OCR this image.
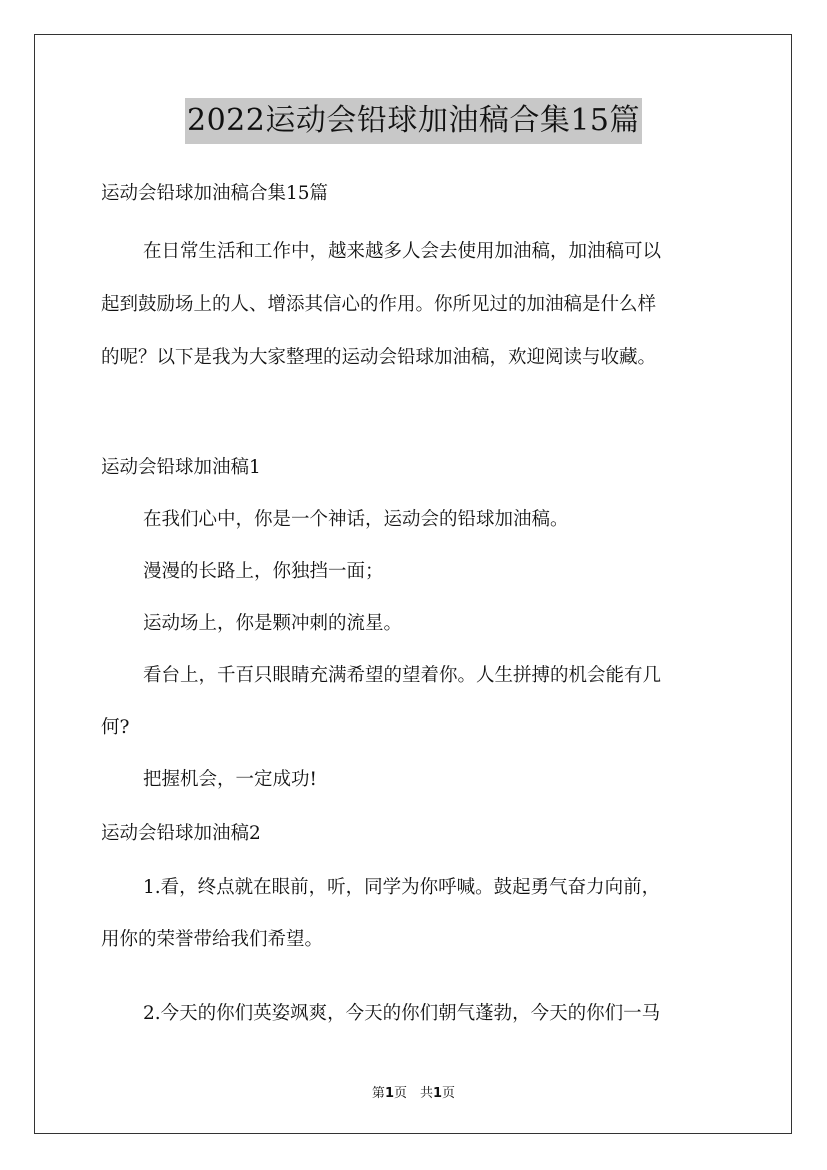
2022运动会铅球加油稿合集15篇
运动会铅球加油稿合集15篇
在日常生活和工作中，越来越多人会去使用加油稿，加油稿可以
起到鼓励场上的人、增添其信心的作用。你所见过的加油稿是什么样
的呢？以下是我为大家整理的运动会铅球加油稿，欢迎阅读与收藏。
运动会铅球加油稿1
在我们心中，你是一个神话，运动会的铅球加油稿。
漫漫的长路上，你独挡一面；
运动场上，你是颗冲刺的流星。
看台上，千百只眼睛充满希望的望着你。人生拼搏的机会能有几
何?
把握机会，一定成功!
运动会铅球加油稿2
1.看，终点就在眼前，听，同学为你呼喊。鼓起勇气奋力向前，
用你的荣誉带给我们希望。
2.今天的你们英姿飒爽，今天的你们朝气蓬勃，今天的你们一马
第1页　共1页
